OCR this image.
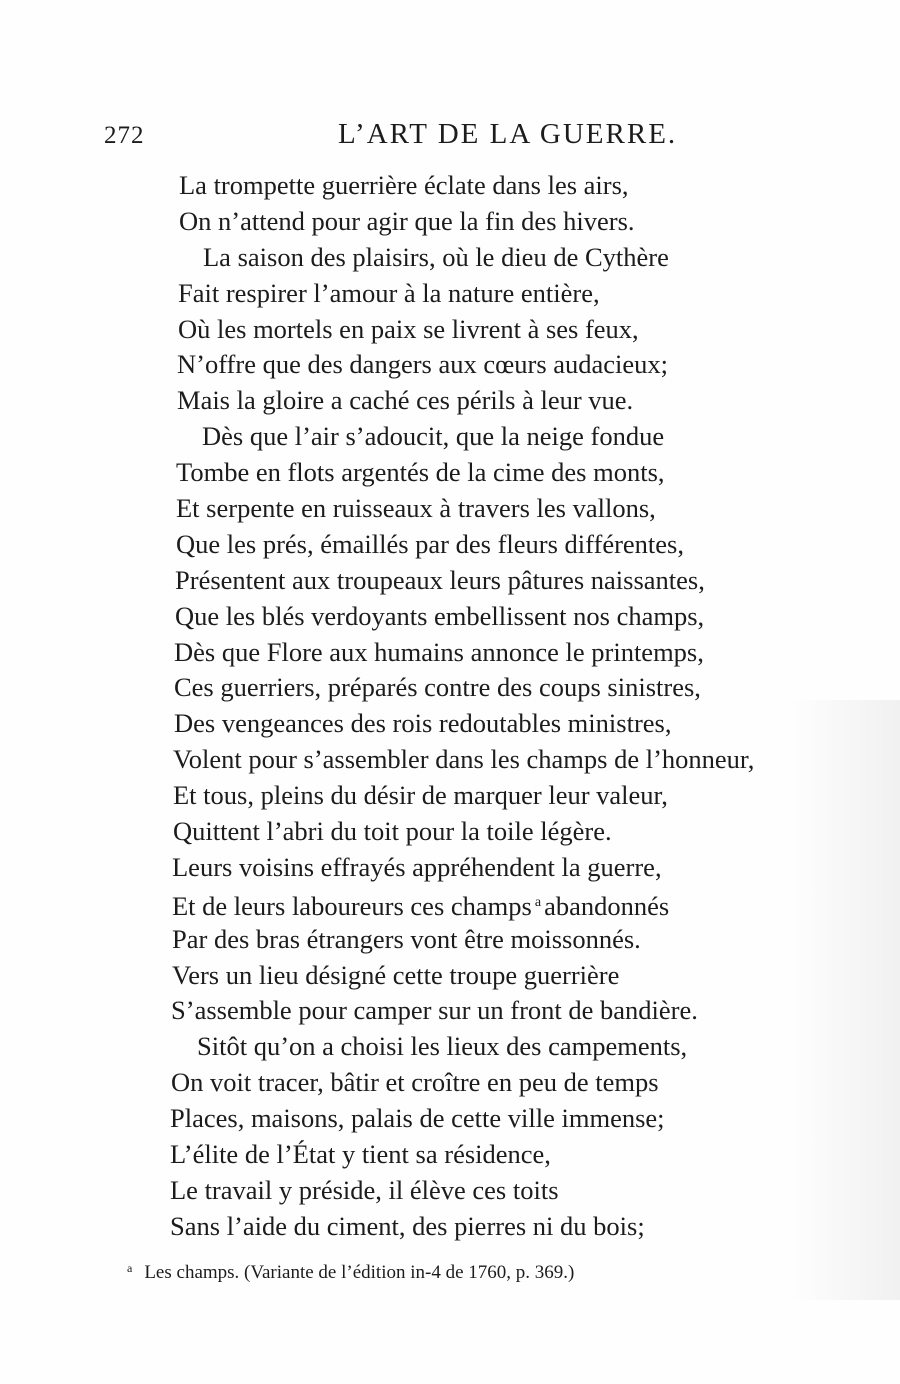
272	L’ART DE LA GUERRE.
La trompette guerrière éclate dans les airs,
On n’attend pour agir que la fin des hivers.
La saison des plaisirs, où le dieu de Cythère
Fait respirer l’amour à la nature entière,
Où les mortels en paix se livrent à ses feux,
N’offre que des dangers aux cœurs audacieux;
Mais la gloire a caché ces périls à leur vue.
Dès que l’air s’adoucit, que la neige fondue
Tombe en flots argentés de la cime des monts,
Et serpente en ruisseaux à travers les vallons,
Que les prés, émaillés par des fleurs différentes,
Présentent aux troupeaux leurs pâtures naissantes,
Que les blés verdoyants embellissent nos champs,
Dès que Flore aux humains annonce le printemps,
Ces guerriers, préparés contre des coups sinistres,
Des vengeances des rois redoutables ministres,
Volent pour s’assembler dans les champs de l’honneur,
Et tous, pleins du désir de marquer leur valeur,
Quittent l’abri du toit pour la toile légère.
Leurs voisins effrayés appréhendent la guerre,
Et de leurs laboureurs ces champs $^a$ abandonnés
Par des bras étrangers vont être moissonnés.
Vers un lieu désigné cette troupe guerrière
S’assemble pour camper sur un front de bandière.
Sitôt qu’on a choisi les lieux des campements,
On voit tracer, bâtir et croître en peu de temps
Places, maisons, palais de cette ville immense;
L’élite de l’État y tient sa résidence,
Le travail y préside, il élève ces toits
Sans l’aide du ciment, des pierres ni du bois;
$^a$ Les champs. (Variante de l’édition in-4 de 1760, p. 369.)
